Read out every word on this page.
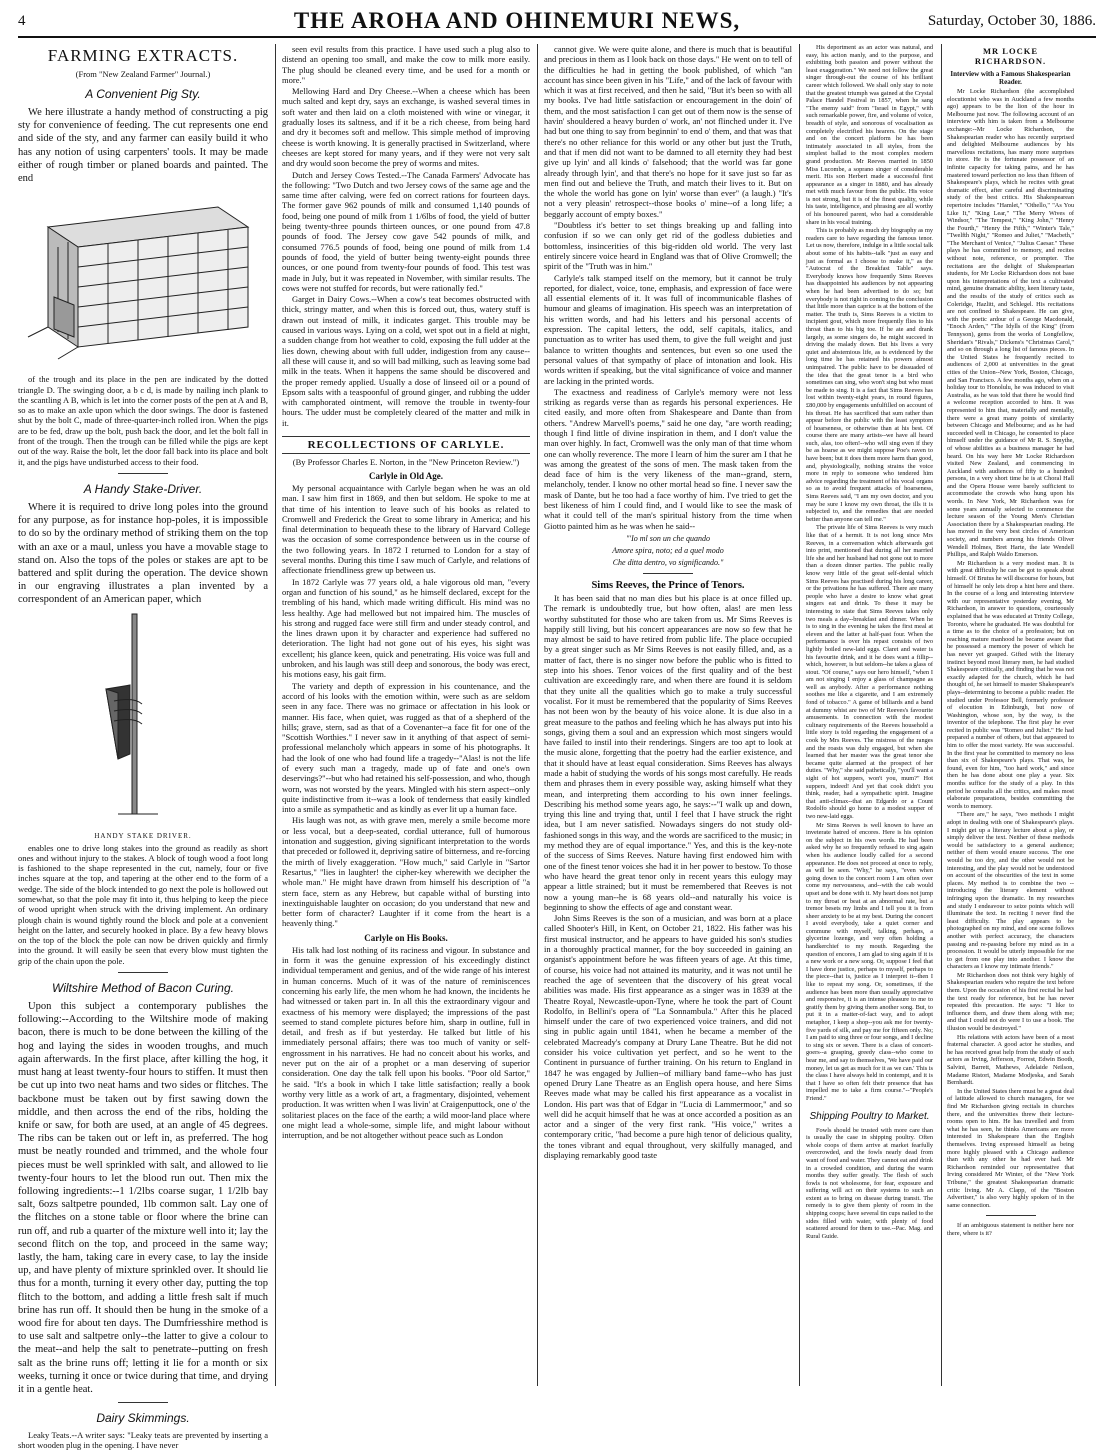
4	THE AROHA AND OHINEMURI NEWS,	Saturday, October 30, 1886.
FARMING EXTRACTS.
(From "New Zealand Farmer" Journal.)
A Convenient Pig Sty.

We here illustrate a handy method of constructing a pig sty for convenience of feeding. The cut represents one end and side of the sty, and any farmer can easily build it who has any notion of using carpenters' tools. It may be made either of rough timber or planed boards and painted. The end

of the trough and its place in the pen are indicated by the dotted triangle D. The swinging door, a b c d, is made by nailing inch plank to the scantling A B, which is let into the corner posts of the pen at A and B, so as to make an axle upon which the door swings. The door is fastened shut by the bolt C, made of three-quarter-inch rolled iron. When the pigs are to be fed, draw up the bolt, push back the door, and let the bolt fall in front of the trough. Then the trough can be filled while the pigs are kept out of the way. Raise the bolt, let the door fall back into its place and bolt it, and the pigs have undisturbed access to their food.

A Handy Stake-Driver.

Where it is required to drive long poles into the ground for any purpose, as for instance hop-poles, it is impossible to do so by the ordinary method of striking them on the top with an axe or a maul, unless you have a movable stage to stand on. Also the tops of the poles or stakes are apt to be battered and split during the operation. The device shown in our engraving illustrates a plan invented by a correspondent of an American paper, which

HANDY STAKE DRIVER.

enables one to drive long stakes into the ground as readily as short ones and without injury to the stakes. A block of tough wood a foot long is fashioned to the shape represented in the cut, namely, four or five inches square at the top, and tapering at the other end to the form of a wedge. The side of the block intended to go next the pole is hollowed out somewhat, so that the pole may fit into it, thus helping to keep the piece of wood upright when struck with the driving implement. An ordinary plough chain is wound tightly round the block and pole at a convenient height on the latter, and securely hooked in place. By a few heavy blows on the top of the block the pole can now be driven quickly and firmly into the ground. It will easily be seen that every blow must tighten the grip of the chain upon the pole.

Wiltshire Method of Bacon Curing.

Upon this subject a contemporary publishes the following:--According to the Wiltshire mode of making bacon, there is much to be done between the killing of the hog and laying the sides in wooden troughs, and much again afterwards. In the first place, after killing the hog, it must hang at least twenty-four hours to stiffen. It must then be cut up into two neat hams and two sides or flitches. The backbone must be taken out by first sawing down the middle, and then across the end of the ribs, holding the knife or saw, for both are used, at an angle of 45 degrees. The ribs can be taken out or left in, as preferred. The hog must be neatly rounded and trimmed, and the whole four pieces must be well sprinkled with salt, and allowed to lie twenty-four hours to let the blood run out. Then mix the following ingredients:--1 1/2lbs coarse sugar, 1 1/2lb bay salt, 6ozs saltpetre pounded, 1lb common salt. Lay one of the flitches on a stone table or floor where the brine can run off, and rub a quarter of the mixture well into it; lay the second flitch on the top, and proceed in the same way; lastly, the ham, taking care in every case, to lay the inside up, and have plenty of mixture sprinkled over. It should lie thus for a month, turning it every other day, putting the top flitch to the bottom, and adding a little fresh salt if much brine has run off. It should then be hung in the smoke of a wood fire for about ten days. The Dumfriesshire method is to use salt and saltpetre only--the latter to give a colour to the meat--and help the salt to penetrate--putting on fresh salt as the brine runs off; letting it lie for a month or six weeks, turning it once or twice during that time, and drying it in a gentle heat.

Dairy Skimmings.

Leaky Teats.--A writer says: "Leaky teats are prevented by inserting a short wooden plug in the opening. I have never

seen evil results from this practice. I have used such a plug also to distend an opening too small, and make the cow to milk more easily. The plug should be cleaned every time, and be used for a month or more."

Mellowing Hard and Dry Cheese.--When a cheese which has been much salted and kept dry, says an exchange, is washed several times in soft water and then laid on a cloth moistened with wine or vinegar, it gradually loses its saltness, and if it be a rich cheese, from being hard and dry it becomes soft and mellow. This simple method of improving cheese is worth knowing. It is generally practised in Switzerland, where cheeses are kept stored for many years, and if they were not very salt and dry would soon become the prey of worms and mites.

Dutch and Jersey Cows Tested.--The Canada Farmers' Advocate has the following: "Two Dutch and two Jersey cows of the same age and the same time after calving, were fed on correct rations for fourteen days. The former gave 962 pounds of milk and consumed 1,140 pounds of food, being one pound of milk from 1 1/6lbs of food, the yield of butter being twenty-three pounds thirteen ounces, or one pound from 47.8 pounds of food. The Jersey cow gave 542 pounds of milk, and consumed 776.5 pounds of food, being one pound of milk from 1.4 pounds of food, the yield of butter being twenty-eight pounds three ounces, or one pound from twenty-four pounds of food. This test was made in July, but it was repeated in November, with similar results. The cows were not stuffed for records, but were rationally fed."

Garget in Dairy Cows.--When a cow's teat becomes obstructed with thick, stringy matter, and when this is forced out, thus, watery stuff is drawn out instead of milk, it indicates garget. This trouble may be caused in various ways. Lying on a cold, wet spot out in a field at night, a sudden change from hot weather to cold, exposing the full udder at the lies down, chewing about with full udder, indigestion from any cause--all these will cause it, and so will bad milking, such as leaving some bad milk in the teats. When it happens the same should be discovered and the proper remedy applied. Usually a dose of linseed oil or a pound of Epsom salts with a teaspoonful of ground ginger, and rubbing the udder with camphorated ointment, will remove the trouble in twenty-four hours. The udder must be completely cleared of the matter and milk in it.

RECOLLECTIONS OF CARLYLE.
(By Professor Charles E. Norton, in the "New Princeton Review.")
Carlyle in Old Age.

My personal acquaintance with Carlyle began when he was an old man. I saw him first in 1869, and then but seldom. He spoke to me at that time of his intention to leave such of his books as related to Cromwell and Frederick the Great to some library in America; and his final determination to bequeath these to the library of Harvard College was the occasion of some correspondence between us in the course of the two following years. In 1872 I returned to London for a stay of several months. During this time I saw much of Carlyle, and relations of affectionate friendliness grew up between us.

In 1872 Carlyle was 77 years old, a hale vigorous old man, "every organ and function of his sound," as he himself declared, except for the trembling of his hand, which made writing difficult. His mind was no less healthy. Age had mellowed but not impaired him. The muscles of his strong and rugged face were still firm and under steady control, and the lines drawn upon it by character and experience had suffered no deterioration. The light had not gone out of his eyes, his sight was excellent; his glance keen, quick and penetrating. His voice was full and unbroken, and his laugh was still deep and sonorous, the body was erect, his motions easy, his gait firm.

The variety and depth of expression in his countenance, and the accord of his looks with the emotion within, were such as are seldom seen in any face. There was no grimace or affectation in his look or manner. His face, when quiet, was rugged as that of a shepherd of the hills; grave, stern, sad as that of a Covenanter--a face fit for one of the "Scottish Worthies." I never saw in it anything of that aspect of semi-professional melancholy which appears in some of his photographs. It had the look of one who had found life a tragedy--"Alas! is not the life of every such man a tragedy, made up of fate and one's own deservings?"--but who had retained his self-possession, and who, though worn, was not worsted by the years. Mingled with his stern aspect--only quite indistinctive from it--was a look of tenderness that easily kindled into a smile as sympathetic and as kindly as ever lit up a human face.

His laugh was not, as with grave men, merely a smile become more or less vocal, but a deep-seated, cordial utterance, full of humorous intonation and suggestion, giving significant interpretation to the words that preceded or followed it, depriving satire of bitterness, and re-forcing the mirth of lively exaggeration. "How much," said Carlyle in "Sartor Resartus," "lies in laughter! the cipher-key wherewith we decipher the whole man." He might have drawn from himself his description of "a stern face, stern as any Hebrew, but capable withal of bursting into inextinguishable laughter on occasion; do you understand that new and better form of character? Laughter if it come from the heart is a heavenly thing."

Carlyle on His Books.

His talk had lost nothing of its raciness and vigour. In substance and in form it was the genuine expression of his exceedingly distinct individual temperament and genius, and of the wide range of his interest in human concerns. Much of it was of the nature of reminiscences concerning his early life, the men whom he had known, the incidents he had witnessed or taken part in. In all this the extraordinary vigour and exactness of his memory were displayed; the impressions of the past seemed to stand complete pictures before him, sharp in outline, full in detail, and fresh as if but yesterday. He talked but little of his immediately personal affairs; there was too much of vanity or self-engrossment in his narratives. He had no conceit about his works, and never put on the air of a prophet or a man deserving of superior consideration. One day the talk fell upon his books. "Poor old Sartor," he said. "It's a book in which I take little satisfaction; really a book worthy very little as a work of art, a fragmentary, disjointed, vehement production. It was written when I was livin' at Craigenputtock, one o' the solitariest places on the face of the earth; a wild moor-land place where one might lead a whole-some, simple life, and might labour without interruption, and be not altogether without peace such as London

cannot give. We were quite alone, and there is much that is beautiful and precious in them as I look back on those days." He went on to tell of the difficulties he had in getting the book published, of which "an account has since been given in his "Life," and of the lack of favour with which it was at first received, and then he said, "But it's been so with all my books. I've had little satisfaction or encouragement in the doin' of them, and the most satisfaction I can get out of them now is the sense of havin' shouldered a heavy burden o' work, an' not flinched under it. I've had but one thing to say from beginnin' to end o' them, and that was that there's no other reliance for this world or any other but just the Truth, and that if men did not want to be damned to all eternity they had best give up lyin' and all kinds o' falsehood; that the world was far gone already through lyin', and that there's no hope for it save just so far as men find out and believe the Truth, and match their lives to it. But on the whole the world has gone on lyin' worse than ever" (a laugh.) "It's not a very pleasin' retrospect--those books o' mine--of a long life; a beggarly account of empty boxes."

"Doubtless it's better to set things breaking up and falling into confusion if so we can only get rid of the godless dubieties and bottomless, insincerities of this big-ridden old world. The very last entirely sincere voice heard in England was that of Olive Cromwell; the spirit of the "Truth was in him."

Carlyle's talk stamped itself on the memory, but it cannot be truly reported, for dialect, voice, tone, emphasis, and expression of face were all essential elements of it. It was full of incommunicable flashes of humour and gleams of imagination. His speech was an interpretation of his written words, and had his letters and his personal accents of expression. The capital letters, the odd, self capitals, italics, and punctuation as to writer has used them, to give the full weight and just balance to written thoughts and sentences, but even so one used the personal values of that sympathy of place of intonation and look. His words written if speaking, but the vital significance of voice and manner are lacking in the printed words.

The exactness and readiness of Carlyle's memory were not less striking as regards verse than as regards his personal experiences. He cited easily, and more often from Shakespeare and Dante than from others. "Andrew Marvell's poems," said he one day, "are worth reading; though I find little of divine inspiration in them, and I don't value the man over highly. In fact, Cromwell was the only man of that time whom one can wholly reverence. The more I learn of him the surer am I that he was among the greatest of the sons of men. The mask taken from the dead face of him is the very likeness of the man--grand, stern, melancholy, tender. I know no other mortal head so fine. I never saw the mask of Dante, but he too had a face worthy of him. I've tried to get the best likeness of him I could find, and I would like to see the mask of what it could tell of the man's spiritual history from the time when Giotto painted him as he was when he said--

"'Io ml son un che quando
Amore spira, noto; ed a quel modo
Che ditta dentro, vo significando."
Sims Reeves, the Prince of Tenors.

It has been said that no man dies but his place is at once filled up. The remark is undoubtedly true, but how often, alas! are men less worthy substituted for those who are taken from us. Mr Sims Reeves is happily still living, but his concert appearances are now so few that he may almost be said to have retired from public life. The place occupied by a great singer such as Mr Sims Reeves is not easily filled, and, as a matter of fact, there is no singer now before the public who is fitted to step into his shoes. Tenor voices of the first quality and of the best cultivation are exceedingly rare, and when there are found it is seldom that they unite all the qualities which go to make a truly successful vocalist. For it must be remembered that the popularity of Sims Reeves has not been won by the beauty of his voice alone. It is due also in a great measure to the pathos and feeling which he has always put into his songs, giving them a soul and an expression which most singers would have failed to instil into their renderings. Singers are too apt to look at the music alone, forgetting that the poetry had the earlier existence, and that it should have at least equal consideration. Sims Reeves has always made a habit of studying the words of his songs most carefully. He reads them and phrases them in every possible way, asking himself what they mean, and interpreting them according to his own inner feelings. Describing his method some years ago, he says:--"I walk up and down, trying this line and trying that, until I feel that I have struck the right idea, but I am never satisfied. Nowadays singers do not study old-fashioned songs in this way, and the words are sacrificed to the music; in my method they are of equal importance." Yes, and this is the key-note of the success of Sims Reeves. Nature having first endowed him with one of the finest tenor voices she had it in her power to bestow. To those who have heard the great tenor only in recent years this eulogy may appear a little strained; but it must be remembered that Reeves is not now a young man--he is 68 years old--and naturally his voice is beginning to show the effects of age and constant wear.

John Sims Reeves is the son of a musician, and was born at a place called Shooter's Hill, in Kent, on October 21, 1822. His father was his first musical instructor, and he appears to have guided his son's studies in a thoroughly practical manner, for the boy succeeded in gaining an organist's appointment before he was fifteen years of age. At this time, of course, his voice had not attained its maturity, and it was not until he reached the age of seventeen that the discovery of his great vocal abilities was made. His first appearance as a singer was in 1839 at the Theatre Royal, Newcastle-upon-Tyne, where he took the part of Count Rodolfo, in Bellini's opera of "La Sonnambula." After this he placed himself under the care of two experienced voice trainers, and did not sing in public again until 1841, when he became a member of the celebrated Macready's company at Drury Lane Theatre. But he did not consider his voice cultivation yet perfect, and so he went to the Continent in pursuance of further training. On his return to England in 1847 he was engaged by Jullien--of milliary band fame--who has just opened Drury Lane Theatre as an English opera house, and here Sims Reeves made what may be called his first appearance as a vocalist in London. His part was that of Edgar in "Lucia di Lammermoor," and so well did he acquit himself that he was at once accorded a position as an actor and a singer of the very first rank. "His voice," writes a contemporary critic, "had become a pure high tenor of delicious quality, the tones vibrant and equal throughout, very skilfully managed, and displaying remarkably good taste

His deportment as an actor was natural, and easy, his action manly, and to the purpose, and exhibiting both passion and power without the least exaggeration." We need not follow the great singer through-out the course of his brilliant career which followed. We shall only stay to note that the greatest triumph was gained at the Crystal Palace Handel Festival in 1857, when he sang "The enemy said" from "Israel in Egypt," with such remarkable power, fire, and volume of voice, breadth of style, and sonorous of vocalisation as completely electrified his hearers. On the stage and on the concert platform he has been intimately associated in all styles, from the simplest ballad to the most complex modern grand production. Mr Reeves married in 1850 Miss Lucombe, a soprano singer of considerable merit. His son Herbert made a successful first appearance as a singer in 1880, and has already met with much favour from the public. His voice is not strong, but it is of the finest quality, while his taste, intelligence, and phrasing are all worthy of his honoured parent, who had a considerable share in his vocal training.

This is probably as much dry biography as my readers care to have regarding the famous tenor. Let us now, therefore, indulge in a little social talk about some of his habits--talk "just as easy and just as formal as I choose to make it," as the "Autocrat of the Breakfast Table" says. Everybody knows how frequently Sims Reeves has disappointed his audiences by not appearing when he had been advertised to do so; but everybody is not right in coming to the conclusion that little more than caprice is at the bottom of the matter. The truth is, Sims Reeves is a victim to incipient gout, which more frequently flies to his throat than to his big toe. If he ate and drank largely, as some singers do, he might succeed in driving the malady down. But his lives a very quiet and abstemious life, as is evidenced by the long time he has retained his powers almost unimpaired. The public have to be dissuaded of the idea that the great tenor is a bird who sometimes can sing, who won't sing but who must be made to sing. It is a fact that Sims Reeves has lost within twenty-eight years, in round figures, £80,000 by engagements unfulfilled on account of his throat. He has sacrificed that sum rather than appear before the public with the least symptom of hoarseness, or otherwise than at his best. Of course there are many artists--we have all heard such, alas, too often!--who will sing even if they be as hoarse as we might suppose Poe's raven to have been; but it does them more harm than good, and, physiologically, nothing strains the voice more in reply to someone who tendered him advice regarding the treatment of his vocal organs so as to avoid frequent attacks of hoarseness, Sims Reeves said, "I am my own doctor, and you may be sure I know my own throat, the ills it is subjected to, and the remedies that are needed better than anyone can tell me."

The private life of Sims Reeves is very much like that of a hermit. It is not long since Mrs Reeves, in a conversation which afterwards got into print, mentioned that during all her married life she and her husband had not gone out to more than a dozen dinner parties. The public really know very little of the great self-denial which Sims Reeves has practised during his long career, or the privations he has suffered. There are many people who have a desire to know what great singers eat and drink. To these it may be interesting to state that Sims Reeves takes only two meals a day--breakfast and dinner. When he is to sing in the evening he takes the first meal at eleven and the latter at half-past four. When the performance is over his repast consists of two lightly boiled new-laid eggs. Claret and water is his favourite drink, and it he does want a fillip--which, however, is but seldom--he takes a glass of stout. "Of course," says our hero himself, "when I am not singing I enjoy a glass of champagne as well as anybody. After a performance nothing soothes me like a cigarette, and I am extremely fond of tobacco." A game of billiards and a band at dummy whist are two of Mr Reeves's favourite amusements. In connection with the modest culinary requirements of the Reeves household a little story is told regarding the engagement of a cook by Mrs Reeves. The mistress of the ranges and the roasts was duly engaged, but when she learned that her master was the great tenor she became quite alarmed at the prospect of her duties. "Why," she said pathetically, "you'll want a sight of hot suppers, won't you, mum?" Hot suppers, indeed! And yet that cook didn't you think, reader, had a sympathetic spirit. Imagine that anti-climax--that an Edgardo or a Count Rodolfo should go home to a modest supper of two new-laid eggs.

Mr Sims Reeves is well known to have an inveterate hatred of encores. Here is his opinion on the subject in his own words. He had been asked why he so frequently refused to sing again when his audience loudly called for a second appearance. He does not proceed at once to reply, as will be seen. "Why," he says, "even when going down to the concert room I am often over come my nervousness, and--with the cab would upset and be done with it. My heart does not jump to my throat or beat at an abnormal rate, but a tremor besets my limbs and I tell you it is from sheer anxiety to be at my best. During the concert I avoid everybody, take a quiet corner and commune with myself, talking, perhaps, a glycerine lozenge, and very often holding a handkerchief to my mouth. Regarding the question of encores, I am glad to sing again if it is a new work or a new song. Or, suppose I feel that I have done justice, perhaps to myself, perhaps to the piece--that is, justice as I interpret it--then I like to repeat my song. Or, sometimes, if the audience has been more than usually appreciative and responsive, it is an intense pleasure to me to gratify them by giving them another song. But, to put it in a matter-of-fact way, and to adopt metaphor, I keep a shop--you ask me for twenty-five yards of silk, and pay me for fifteen only. No; I am paid to sing three or four songs, and I decline to sing six or seven. There is a class of concert-goers--a grasping, greedy class--who come to hear me, and say to themselves, 'We have paid our money, let us get as much for it as we can.' This is the class I have always held in contempt, and it is that I have so often felt their presence that has impelled me to take a firm course."--"People's Friend."

Shipping Poultry to Market.

Fowls should be trusted with more care than is usually the case in shipping poultry. Often whole coops of them arrive at market fearfully overcrowded, and the fowls nearly dead from want of food and water. They cannot eat and drink in a crowded condition, and during the warm months they suffer greatly. The flesh of such fowls is not wholesome, for fear, exposure and suffering will act on their systems to such an extent as to bring on disease during transit. The remedy is to give them plenty of room in the shipping coops; have several tin cups nailed to the sides filled with water, with plenty of food scattered around for them to use.--Pac. Mag. and Rural Guide.

MR LOCKE RICHARDSON.
Interview with a Famous Shakespearian Reader.

Mr Locke Richardson (the accomplished elocutionist who was in Auckland a few months ago) appears to be the lion of the hour in Melbourne just now. The following account of an interview with him is taken from a Melbourne exchange:--Mr Locke Richardson, the Shakespearian reader who has recently surprised and delighted Melbourne audiences by his marvellous recitations, has many more surprises in store. He is the fortunate possessor of an infinite capacity for taking pains, and he has mastered toward perfection no less than fifteen of Shakespeare's plays, which he recites with great dramatic effect, after careful and discriminating study of the best critics. His Shakespearean repertoire includes "Hamlet," "Othello," "As You Like It," "King Lear," "The Merry Wives of Windsor," "The Tempest," "King John," "Henry the Fourth," "Henry the Fifth," "Winter's Tale," "Twelfth Night," "Romeo and Juliet," "Macbeth," "The Merchant of Venice," "Julius Caesar." These plays he has committed to memory, and recites without note, reference, or prompter. The recitations are the delight of Shakespearian students, for Mr Locke Richardson does not base upon his interpretations of the text a cultivated mind, genuine dramatic ability, keen literary taste, and the results of the study of critics such as Coleridge, Hazlitt, and Schlegel. His recitations are not confined to Shakespeare. He can give, with the poetic ardour of a George Macdonald, "Enoch Arden," "The Idylls of the King" (from Tennyson), gems from the works of Longfellow, Sheridan's "Rivals," Dickens's "Christmas Carol," and so on through a long list of famous pieces. In the United States he frequently recited to audiences of 2,000 at universities in the great cities of the Union--New York, Boston, Chicago, and San Francisco. A few months ago, when on a holiday tour to Honolulu, he was induced to visit Australia, as he was told that there he would find a welcome reception accorded to him. It was represented to him that, materially and mentally, there were a great many points of similarity between Chicago and Melbourne; and as he had succeeded well in Chicago, he consented to place himself under the guidance of Mr R. S. Smythe, of whose abilities as a business manager he had heard. On his way here Mr Locke Richardson visited New Zealand, and commencing in Auckland with audiences of fifty to a hundred persons, in a very short time he is at Choral Hall and the Opera House were barely sufficient to accommodate the crowds who hung upon his words. In New York, Mr Richardson was for some years annually selected to commence the lecture season of the Young Men's Christian Association there by a Shakespearian reading. He has moved in the very best circles of American society, and numbers among his friends Oliver Wendell Holmes, Bret Harte, the late Wendell Phillips, and Ralph Waldo Emerson.

Mr Richardson is a very modest man. It is with great difficulty he can be got to speak about himself. Of Brutus he will discourse for hours, but of himself he only lets drop a hint here and there. In the course of a long and interesting interview with our representative yesterday evening, Mr Richardson, in answer to questions, courteously explained that he was educated at Trinity College, Toronto, where he graduated. He was doubtful for a time as to the choice of a profession; but on reaching mature manhood he became aware that he possessed a memory the power of which he has never yet grasped. Gifted with the literary instinct beyond most literary men, he had studied Shakespeare critically, and finding that he was not exactly adapted for the church, which he had thought of, he set himself to master Shakespeare's plays--determining to become a public reader. He studied under Professor Bell, formerly professor of elocution in Edinburgh, but now of Washington, whose son, by the way, is the inventor of the telephone. The first play he ever recited in public was "Romeo and Juliet." He had prepared a number of others, but that appeared to him to offer the most variety. He was successful. In the first year he committed to memory no less than six of Shakespeare's plays. That was, he found, even for him, "too hard work," and since then he has done about one play a year. Six months suffice for the study of a play. In this period he consults all the critics, and makes most elaborate preparations, besides committing the words to memory.

"There are," he says, "two methods I might adopt in dealing with one of Shakespeare's plays. I might get up a literary lecture about a play, or simply deliver the text. Neither of these methods would be satisfactory to a general audience; neither of them would ensure success. The one would be too dry, and the other would not be interesting, and the play would not be understood on account of the obscurities of the text in some places. My method is to combine the two --introducing the literary element without infringing upon the dramatic. In my researches and study I endeavour to seize points which will illuminate the text. In reciting I never find the least difficulty. The play appears to be photographed on my mind, and one scene follows another with perfect accuracy, the characters passing and re-passing before my mind as in a procession. It would be utterly impossible for me to get from one play into another. I know the characters as I know my intimate friends."

Mr Richardson does not think very highly of Shakespearian readers who require the text before them. Upon the occasion of his first recital he had the text ready for reference, but he has never repeated this precaution. He says: "I like to influence them, and draw them along with me; and that I could not do were I to use a book. The illusion would be destroyed."

His relations with actors have been of a most fraternal character. A good actor he studies, and he has received great help from the study of such actors as Irving, Jefferson, Forrest, Edwin Booth, Salvini, Barrett, Mathews, Adelaide Neilson, Madame Ristori, Madame Modjeska, and Sarah Bernhardt.

In the United States there must be a great deal of latitude allowed to church managers, for we find Mr Richardson giving recitals in churches there, and the universities threw their lecture-rooms open to him. He has travelled and from what he has seen, he thinks Americans are more interested in Shakespeare than the English themselves. Irving expressed himself as being more highly pleased with a Chicago audience than with any other he had ever had. Mr Richardson reminded our representative that Irving considered Mr Winter, of the "New York Tribune," the greatest Shakespearian dramatic critic living. Mr A. Clapp, of the "Boston Advertiser," is also very highly spoken of in the same connection.

If an ambiguous statement is neither here nor there, where is it?
